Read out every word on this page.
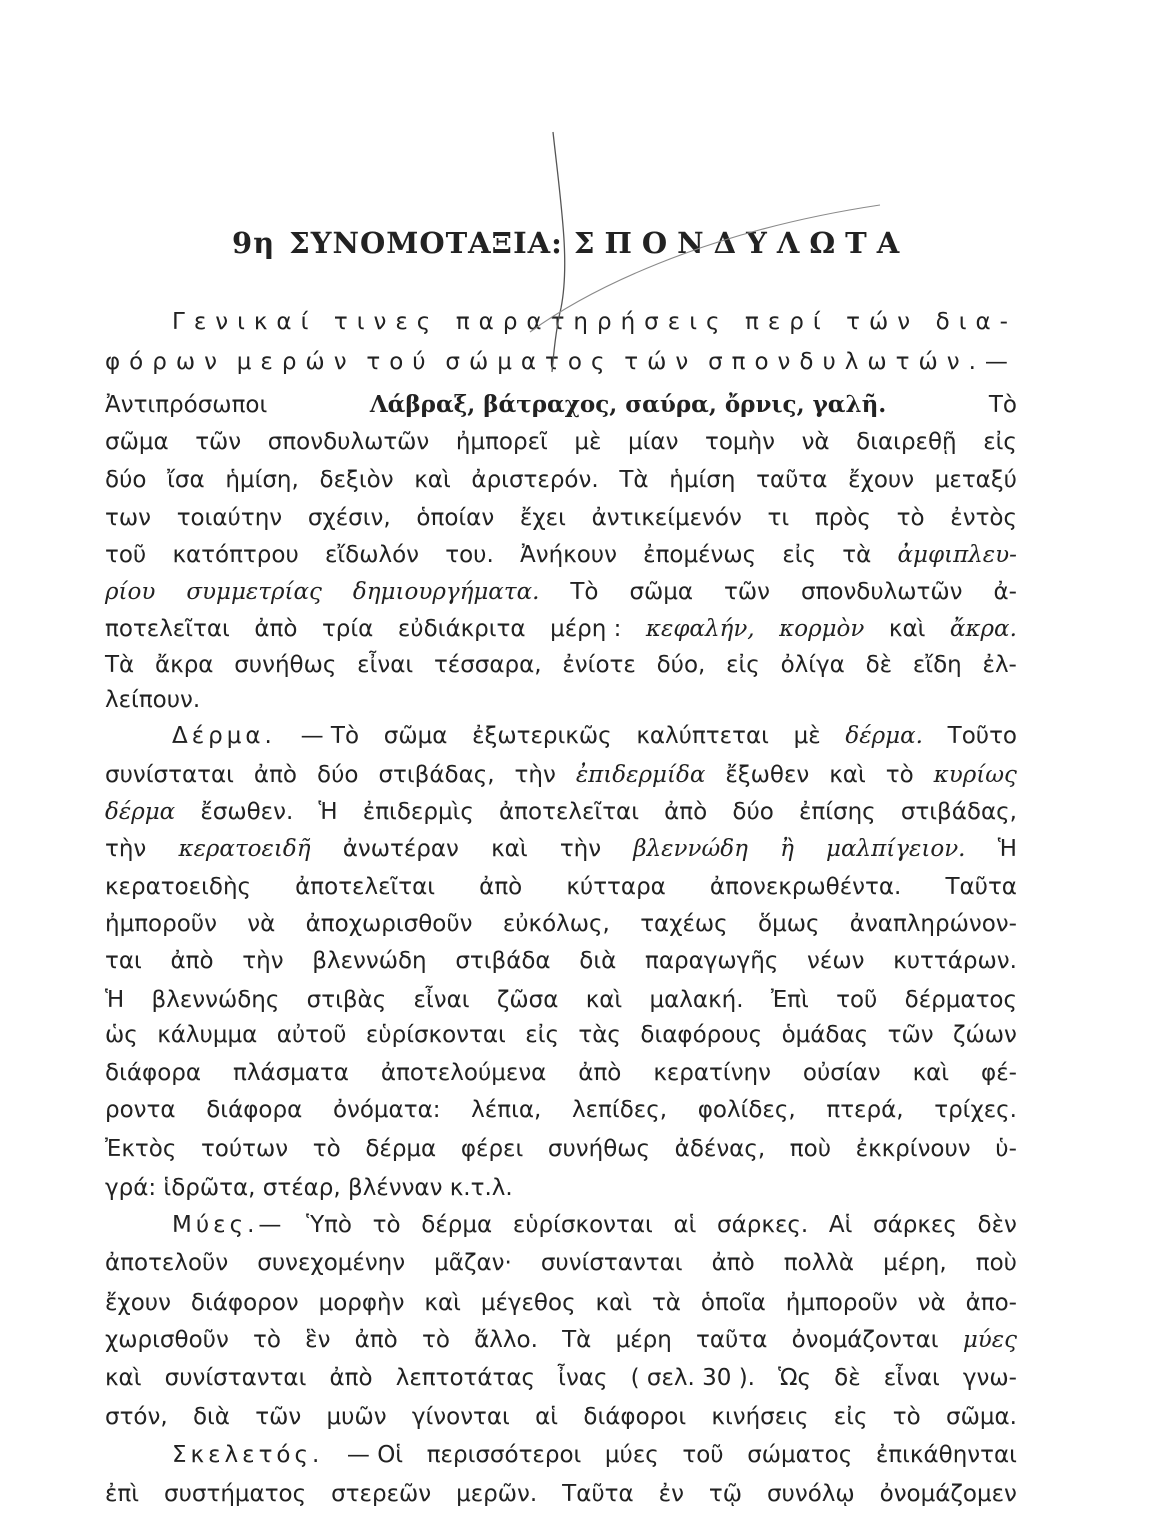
9η ΣΥΝΟΜΟΤΑΞΙΑ: ΣΠΟΝΔΥΛΩΤΑ
Γενικαί τινες παρατηρήσεις περί τών δια-
φόρων μερών τού σώματος τών σπονδυλωτών.—
Ἀντιπρόσωποι	Λάβραξ, βάτραχος, σαύρα, ὄρνις, γαλῆ.	Τὸ
σῶμα τῶν σπονδυλωτῶν ἠμπορεῖ μὲ μίαν τομὴν νὰ διαιρεθῇ εἰς
δύο ἴσα ἡμίση, δεξιὸν καὶ ἀριστερόν. Τὰ ἡμίση ταῦτα ἔχουν μεταξύ
των τοιαύτην σχέσιν, ὁποίαν ἔχει ἀντικείμενόν τι πρὸς τὸ ἐντὸς
τοῦ κατόπτρου εἴδωλόν του. Ἀνήκουν ἐπομένως εἰς τὰ ἀμφιπλευ-
ρίου συμμετρίας δημιουργήματα. Τὸ σῶμα τῶν σπονδυλωτῶν ἀ-
ποτελεῖται ἀπὸ τρία εὐδιάκριτα μέρη : κεφαλήν, κορμὸν καὶ ἄκρα.
Τὰ ἄκρα συνήθως εἶναι τέσσαρα, ἐνίοτε δύο, εἰς ὀλίγα δὲ εἴδη ἐλ-
λείπουν.
Δέρμα. — Τὸ σῶμα ἐξωτερικῶς καλύπτεται μὲ δέρμα. Τοῦτο
συνίσταται ἀπὸ δύο στιβάδας, τὴν ἐπιδερμίδα ἔξωθεν καὶ τὸ κυρίως
δέρμα ἔσωθεν. Ἡ ἐπιδερμὶς ἀποτελεῖται ἀπὸ δύο ἐπίσης στιβάδας,
τὴν κερατοειδῆ ἀνωτέραν καὶ τὴν βλεννώδη ἢ μαλπίγειον. Ἡ
κερατοειδὴς ἀποτελεῖται ἀπὸ κύτταρα ἀπονεκρωθέντα. Ταῦτα
ἠμποροῦν νὰ ἀποχωρισθοῦν εὐκόλως, ταχέως ὅμως ἀναπληρώνον-
ται ἀπὸ τὴν βλεννώδη στιβάδα διὰ παραγωγῆς νέων κυττάρων.
Ἡ βλεννώδης στιβὰς εἶναι ζῶσα καὶ μαλακή. Ἐπὶ τοῦ δέρματος
ὡς κάλυμμα αὐτοῦ εὑρίσκονται εἰς τὰς διαφόρους ὁμάδας τῶν ζώων
διάφορα πλάσματα ἀποτελούμενα ἀπὸ κερατίνην οὐσίαν καὶ φέ-
ροντα διάφορα ὀνόματα: λέπια, λεπίδες, φολίδες, πτερά, τρίχες.
Ἐκτὸς τούτων τὸ δέρμα φέρει συνήθως ἀδένας, ποὺ ἐκκρίνουν ὑ-
γρά: ἱδρῶτα, στέαρ, βλένναν κ.τ.λ.
Μύες.— Ὑπὸ τὸ δέρμα εὑρίσκονται αἱ σάρκες. Αἱ σάρκες δὲν
ἀποτελοῦν συνεχομένην μᾶζαν· συνίστανται ἀπὸ πολλὰ μέρη, ποὺ
ἔχουν διάφορον μορφὴν καὶ μέγεθος καὶ τὰ ὁποῖα ἠμποροῦν νὰ ἀπο-
χωρισθοῦν τὸ ἓν ἀπὸ τὸ ἄλλο. Τὰ μέρη ταῦτα ὀνομάζονται μύες
καὶ συνίστανται ἀπὸ λεπτοτάτας ἶνας ( σελ. 30 ). Ὡς δὲ εἶναι γνω-
στόν, διὰ τῶν μυῶν γίνονται αἱ διάφοροι κινήσεις εἰς τὸ σῶμα.
Σκελετός. — Οἱ περισσότεροι μύες τοῦ σώματος ἐπικάθηνται
ἐπὶ συστήματος στερεῶν μερῶν. Ταῦτα ἐν τῷ συνόλῳ ὀνομάζομεν
